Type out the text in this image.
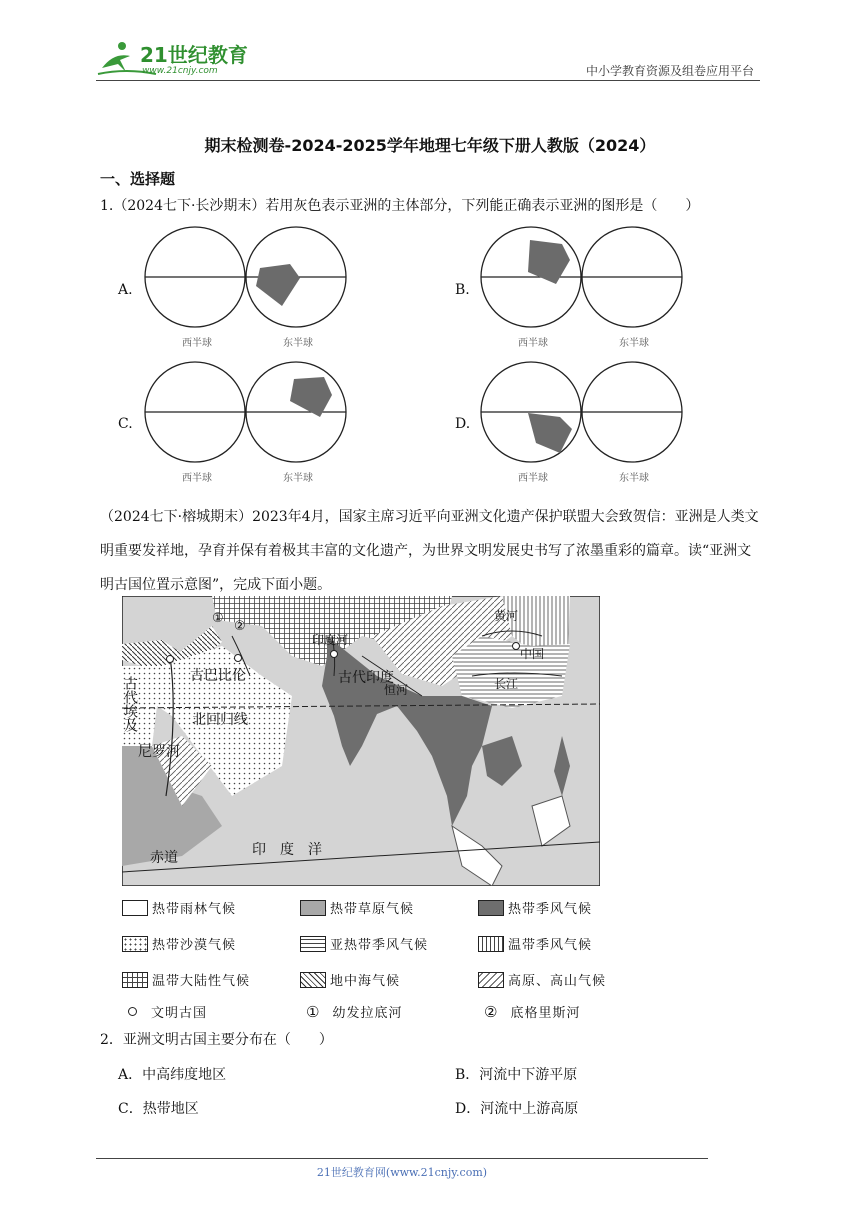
21世纪教育
www.21cnjy.com	中小学教育资源及组卷应用平台
期末检测卷-2024-2025学年地理七年级下册人教版（2024）
一、选择题
1.（2024七下·长沙期末）若用灰色表示亚洲的主体部分，下列能正确表示亚洲的图形是（　　）
A.
西半球	东半球
B.
西半球	东半球
C.
西半球	东半球
D.
西半球	东半球
（2024七下·榕城期末）2023年4月，国家主席习近平向亚洲文化遗产保护联盟大会致贺信：亚洲是人类文明重要发祥地，孕育并保有着极其丰富的文化遗产，为世界文明发展史书写了浓墨重彩的篇章。读“亚洲文明古国位置示意图”，完成下面小题。
古代埃及	古巴比伦	古代印度
中国
北回归线
尼罗河
赤道	印度洋
印度河
恒河
黄河
长江
①
②
热带雨林气候	热带草原气候	热带季风气候
热带沙漠气候	亚热带季风气候	温带季风气候
温带大陆性气候	地中海气候	高原、高山气候
文明古国	① 幼发拉底河	② 底格里斯河
2．亚洲文明古国主要分布在（　　）
A．中高纬度地区	B．河流中下游平原
C．热带地区	D．河流中上游高原
21世纪教育网(www.21cnjy.com)
